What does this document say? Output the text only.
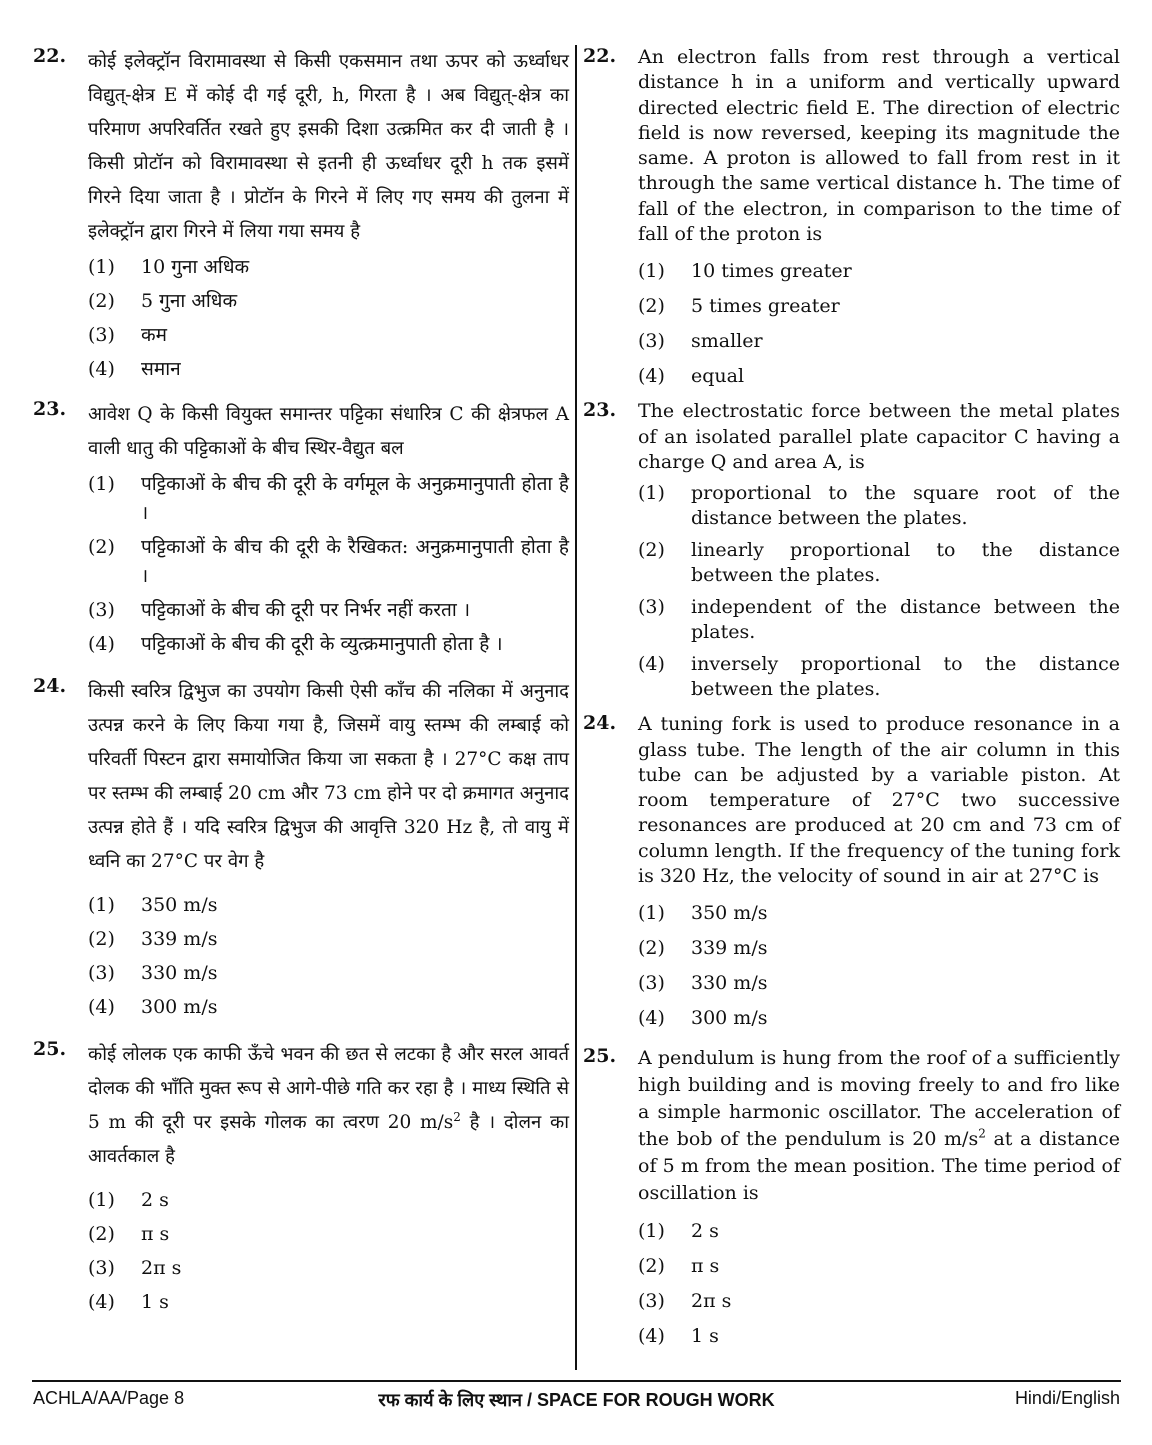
22. कोई इलेक्ट्रॉन विरामावस्था से किसी एकसमान तथा ऊपर को ऊर्ध्वाधर विद्युत्-क्षेत्र E में कोई दी गई दूरी, h, गिरता है । अब विद्युत्-क्षेत्र का परिमाण अपरिवर्तित रखते हुए इसकी दिशा उत्क्रमित कर दी जाती है । किसी प्रोटॉन को विरामावस्था से इतनी ही ऊर्ध्वाधर दूरी h तक इसमें गिरने दिया जाता है । प्रोटॉन के गिरने में लिए गए समय की तुलना में इलेक्ट्रॉन द्वारा गिरने में लिया गया समय है
(1) 10 गुना अधिक
(2) 5 गुना अधिक
(3) कम
(4) समान
23. आवेश Q के किसी वियुक्त समान्तर पट्टिका संधारित्र C की क्षेत्रफल A वाली धातु की पट्टिकाओं के बीच स्थिर-वैद्युत बल
(1) पट्टिकाओं के बीच की दूरी के वर्गमूल के अनुक्रमानुपाती होता है ।
(2) पट्टिकाओं के बीच की दूरी के रैखिकत: अनुक्रमानुपाती होता है ।
(3) पट्टिकाओं के बीच की दूरी पर निर्भर नहीं करता ।
(4) पट्टिकाओं के बीच की दूरी के व्युत्क्रमानुपाती होता है ।
24. किसी स्वरित्र द्विभुज का उपयोग किसी ऐसी काँच की नलिका में अनुनाद उत्पन्न करने के लिए किया गया है, जिसमें वायु स्तम्भ की लम्बाई को परिवर्ती पिस्टन द्वारा समायोजित किया जा सकता है । 27°C कक्ष ताप पर स्तम्भ की लम्बाई 20 cm और 73 cm होने पर दो क्रमागत अनुनाद उत्पन्न होते हैं । यदि स्वरित्र द्विभुज की आवृत्ति 320 Hz है, तो वायु में ध्वनि का 27°C पर वेग है
(1) 350 m/s
(2) 339 m/s
(3) 330 m/s
(4) 300 m/s
25. कोई लोलक एक काफी ऊँचे भवन की छत से लटका है और सरल आवर्त दोलक की भाँति मुक्त रूप से आगे-पीछे गति कर रहा है । माध्य स्थिति से 5 m की दूरी पर इसके गोलक का त्वरण 20 $m/s^2$ है । दोलन का आवर्तकाल है
(1) 2 s
(2) π s
(3) 2π s
(4) 1 s
22. An electron falls from rest through a vertical distance h in a uniform and vertically upward directed electric field E. The direction of electric field is now reversed, keeping its magnitude the same. A proton is allowed to fall from rest in it through the same vertical distance h. The time of fall of the electron, in comparison to the time of fall of the proton is
(1) 10 times greater
(2) 5 times greater
(3) smaller
(4) equal
23. The electrostatic force between the metal plates of an isolated parallel plate capacitor C having a charge Q and area A, is
(1) proportional to the square root of the distance between the plates.
(2) linearly proportional to the distance between the plates.
(3) independent of the distance between the plates.
(4) inversely proportional to the distance between the plates.
24. A tuning fork is used to produce resonance in a glass tube. The length of the air column in this tube can be adjusted by a variable piston. At room temperature of 27°C two successive resonances are produced at 20 cm and 73 cm of column length. If the frequency of the tuning fork is 320 Hz, the velocity of sound in air at 27°C is
(1) 350 m/s
(2) 339 m/s
(3) 330 m/s
(4) 300 m/s
25. A pendulum is hung from the roof of a sufficiently high building and is moving freely to and fro like a simple harmonic oscillator. The acceleration of the bob of the pendulum is 20 $m/s^2$ at a distance of 5 m from the mean position. The time period of oscillation is
(1) 2 s
(2) π s
(3) 2π s
(4) 1 s
ACHLA/AA/Page 8	रफ कार्य के लिए स्थान / SPACE FOR ROUGH WORK	Hindi/English
